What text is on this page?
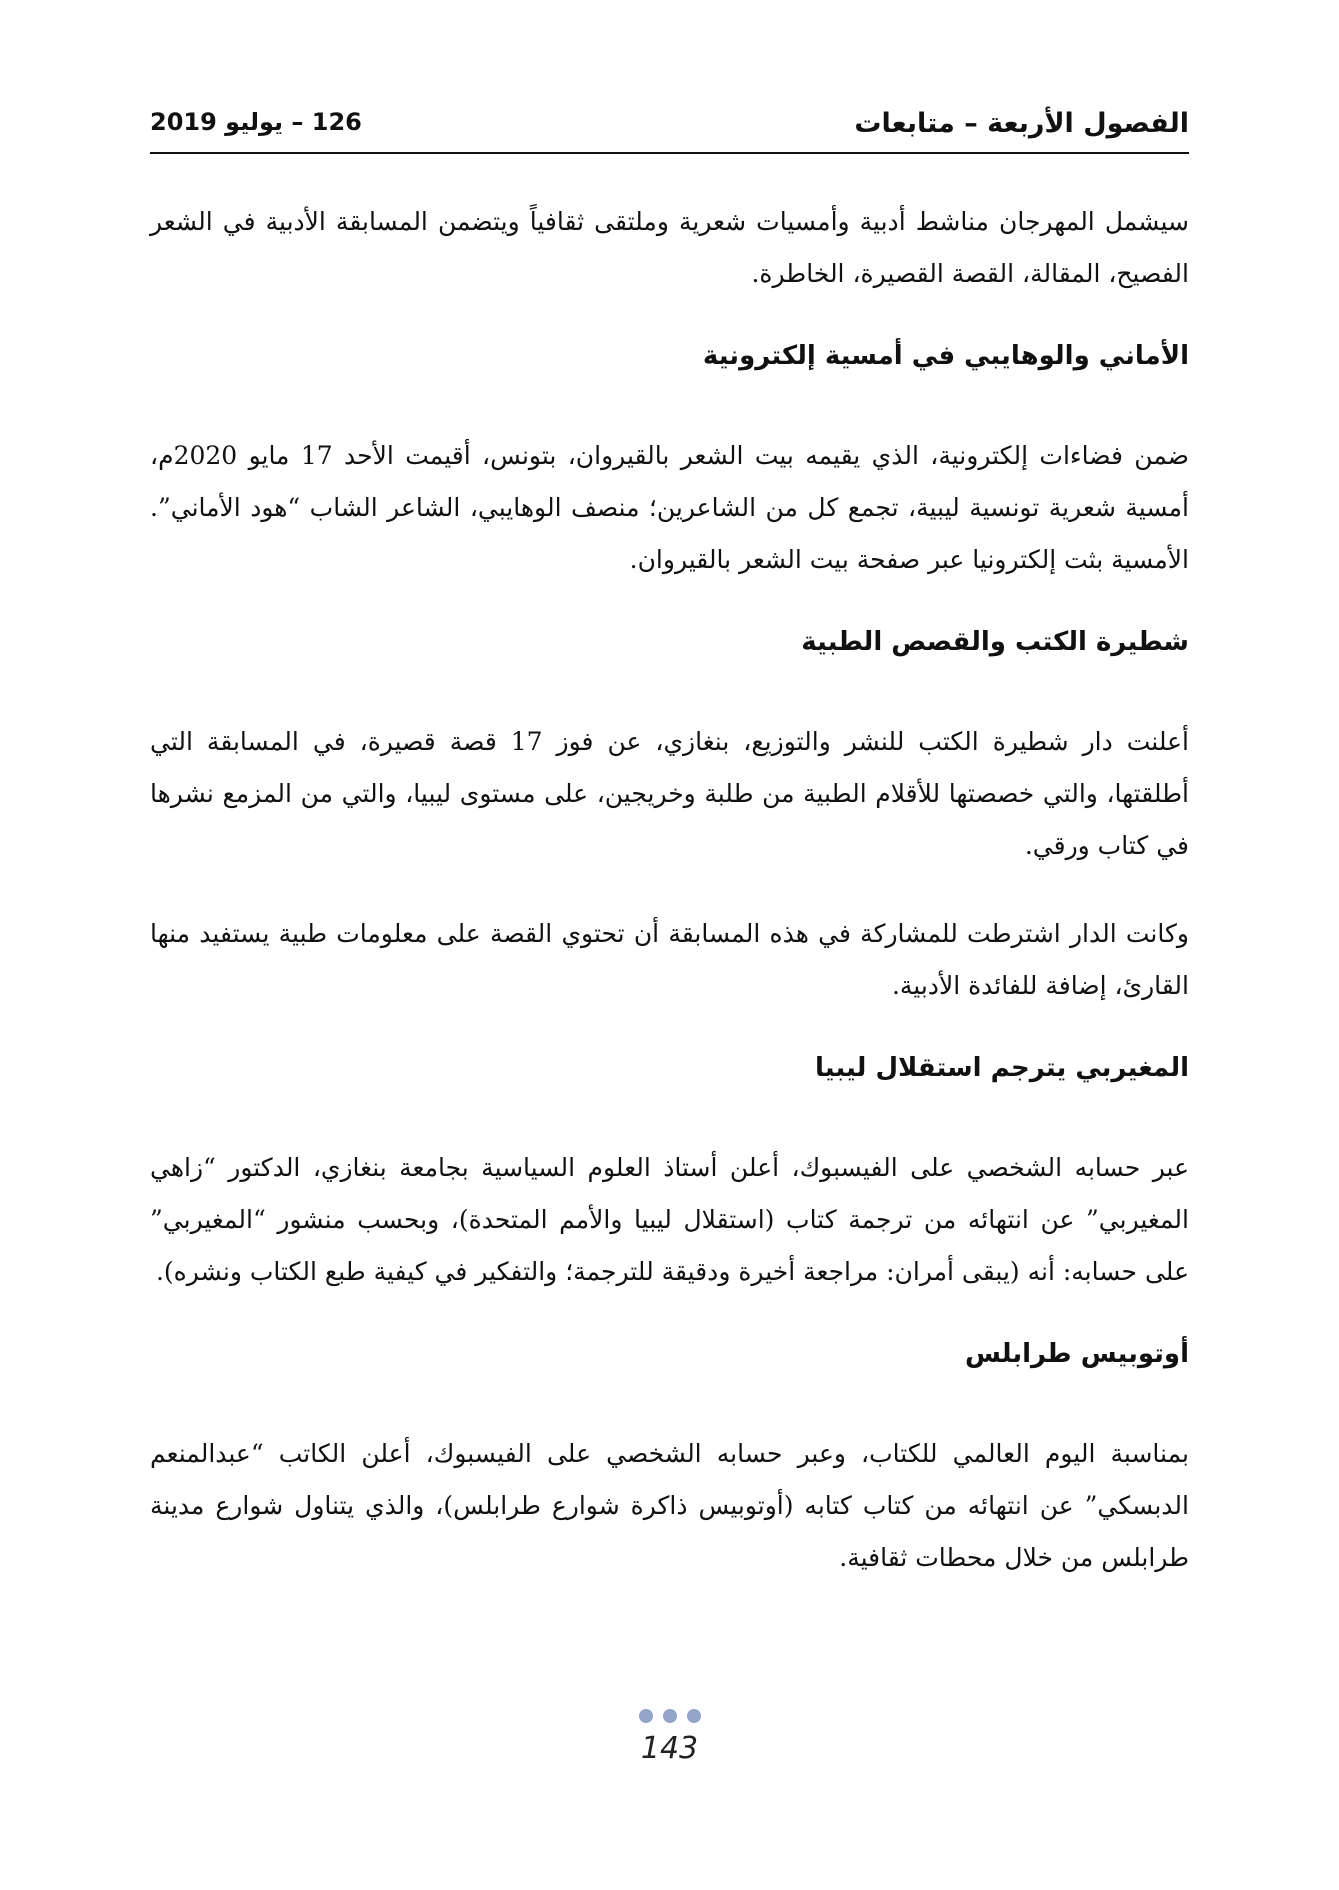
الفصول الأربعة – متابعات
126 – يوليو 2019

سيشمل المهرجان مناشط أدبية وأمسيات شعرية وملتقى ثقافياً ويتضمن المسابقة الأدبية في الشعر الفصيح، المقالة، القصة القصيرة، الخاطرة.

الأماني والوهايبي في أمسية إلكترونية

ضمن فضاءات إلكترونية، الذي يقيمه بيت الشعر بالقيروان، بتونس، أقيمت الأحد 17 مايو 2020م، أمسية شعرية تونسية ليبية، تجمع كل من الشاعرين؛ منصف الوهايبي، الشاعر الشاب “هود الأماني”. الأمسية بثت إلكترونيا عبر صفحة بيت الشعر بالقيروان.

شطيرة الكتب والقصص الطبية

أعلنت دار شطيرة الكتب للنشر والتوزيع، بنغازي، عن فوز 17 قصة قصيرة، في المسابقة التي أطلقتها، والتي خصصتها للأقلام الطبية من طلبة وخريجين، على مستوى ليبيا، والتي من المزمع نشرها في كتاب ورقي.

وكانت الدار اشترطت للمشاركة في هذه المسابقة أن تحتوي القصة على معلومات طبية يستفيد منها القارئ، إضافة للفائدة الأدبية.

المغيربي يترجم استقلال ليبيا

عبر حسابه الشخصي على الفيسبوك، أعلن أستاذ العلوم السياسية بجامعة بنغازي، الدكتور “زاهي المغيربي” عن انتهائه من ترجمة كتاب (استقلال ليبيا والأمم المتحدة)، وبحسب منشور “المغيربي” على حسابه: أنه (يبقى أمران: مراجعة أخيرة ودقيقة للترجمة؛ والتفكير في كيفية طبع الكتاب ونشره).

أوتوبيس طرابلس

بمناسبة اليوم العالمي للكتاب، وعبر حسابه الشخصي على الفيسبوك، أعلن الكاتب “عبدالمنعم الدبسكي” عن انتهائه من كتاب كتابه (أوتوبيس ذاكرة شوارع طرابلس)، والذي يتناول شوارع مدينة طرابلس من خلال محطات ثقافية.

143
